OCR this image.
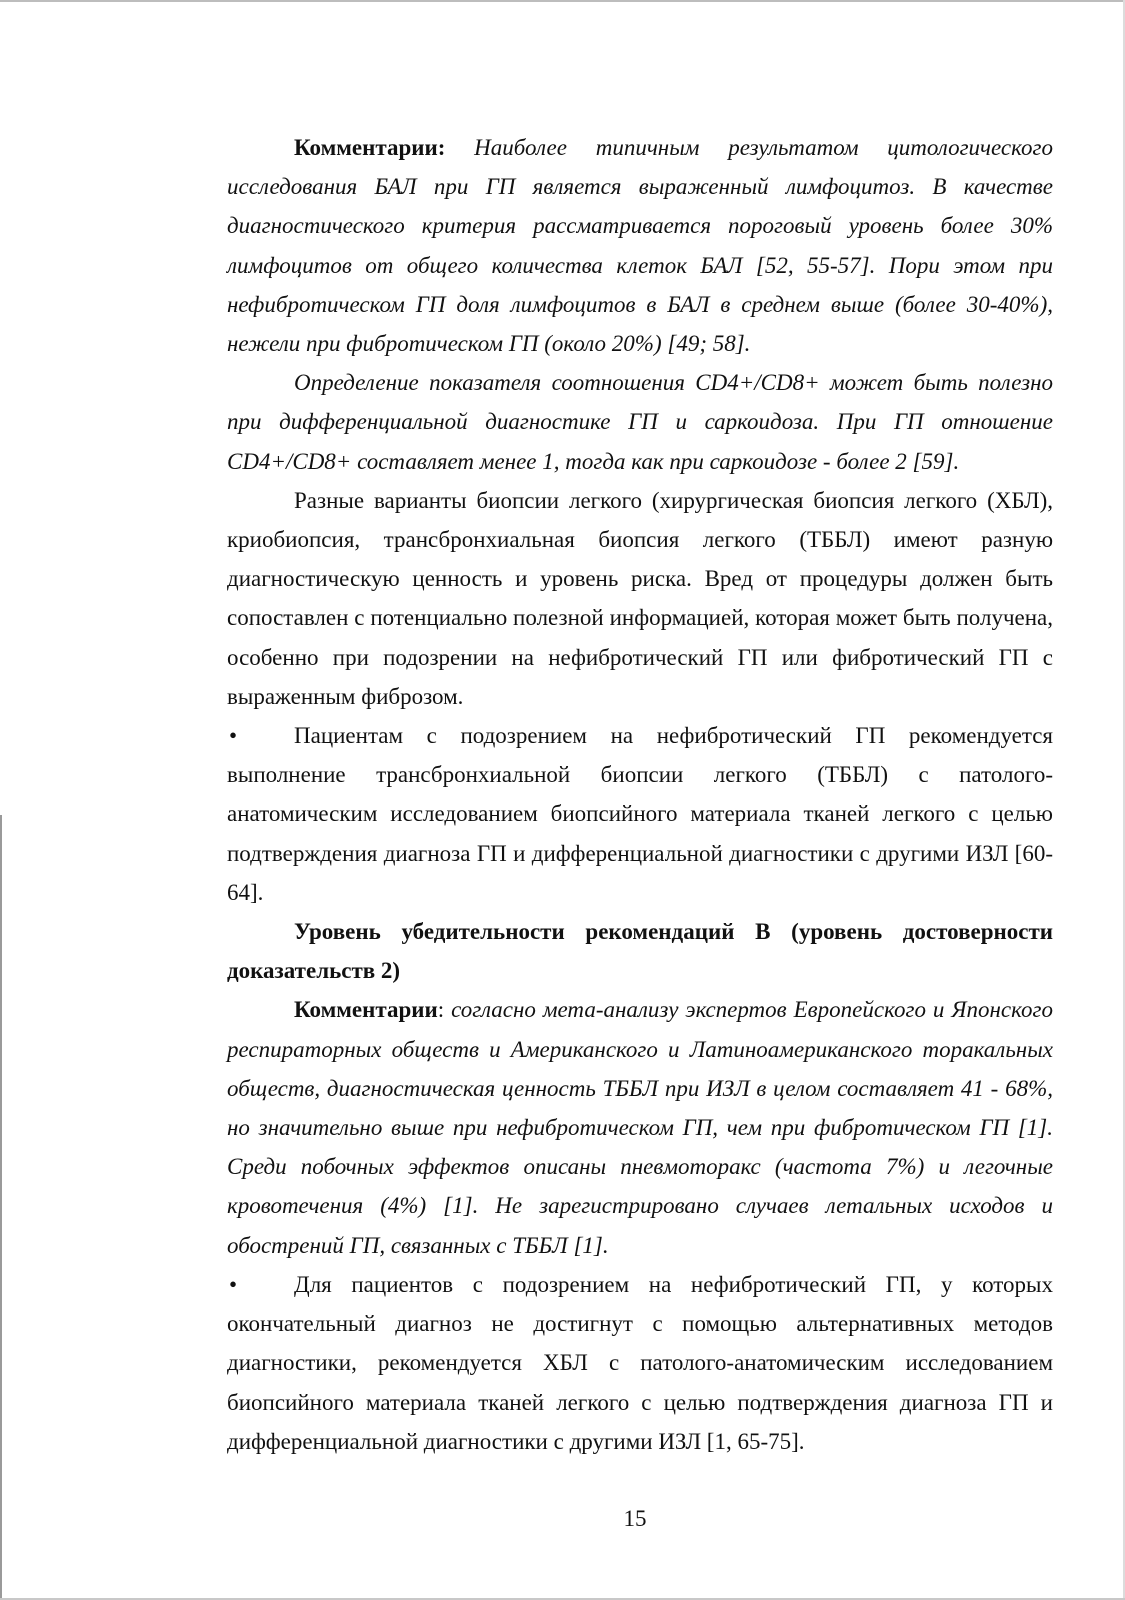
Комментарии: Наиболее типичным результатом цитологического исследования БАЛ при ГП является выраженный лимфоцитоз. В качестве диагностического критерия рассматривается пороговый уровень более 30% лимфоцитов от общего количества клеток БАЛ [52, 55-57]. Пори этом при нефибротическом ГП доля лимфоцитов в БАЛ в среднем выше (более 30-40%), нежели при фибротическом ГП (около 20%) [49; 58].

Определение показателя соотношения CD4+/CD8+ может быть полезно при дифференциальной диагностике ГП и саркоидоза. При ГП отношение CD4+/CD8+ составляет менее 1, тогда как при саркоидозе - более 2 [59].

Разные варианты биопсии легкого (хирургическая биопсия легкого (ХБЛ), криобиопсия, трансбронхиальная биопсия легкого (ТББЛ) имеют разную диагностическую ценность и уровень риска. Вред от процедуры должен быть сопоставлен с потенциально полезной информацией, которая может быть получена, особенно при подозрении на нефибротический ГП или фибротический ГП с выраженным фиброзом.

•	Пациентам с подозрением на нефибротический ГП рекомендуется выполнение трансбронхиальной биопсии легкого (ТББЛ) с патолого-анатомическим исследованием биопсийного материала тканей легкого с целью подтверждения диагноза ГП и дифференциальной диагностики с другими ИЗЛ [60-64].

Уровень убедительности рекомендаций В (уровень достоверности доказательств 2)

Комментарии: согласно мета-анализу экспертов Европейского и Японского респираторных обществ и Американского и Латиноамериканского торакальных обществ, диагностическая ценность ТББЛ при ИЗЛ в целом составляет 41 - 68%, но значительно выше при нефибротическом ГП, чем при фибротическом ГП [1]. Среди побочных эффектов описаны пневмоторакс (частота 7%) и легочные кровотечения (4%) [1]. Не зарегистрировано случаев летальных исходов и обострений ГП, связанных с ТББЛ [1].

•	Для пациентов с подозрением на нефибротический ГП, у которых окончательный диагноз не достигнут с помощью альтернативных методов диагностики, рекомендуется ХБЛ с патолого-анатомическим исследованием биопсийного материала тканей легкого с целью подтверждения диагноза ГП и дифференциальной диагностики с другими ИЗЛ [1, 65-75].

15
